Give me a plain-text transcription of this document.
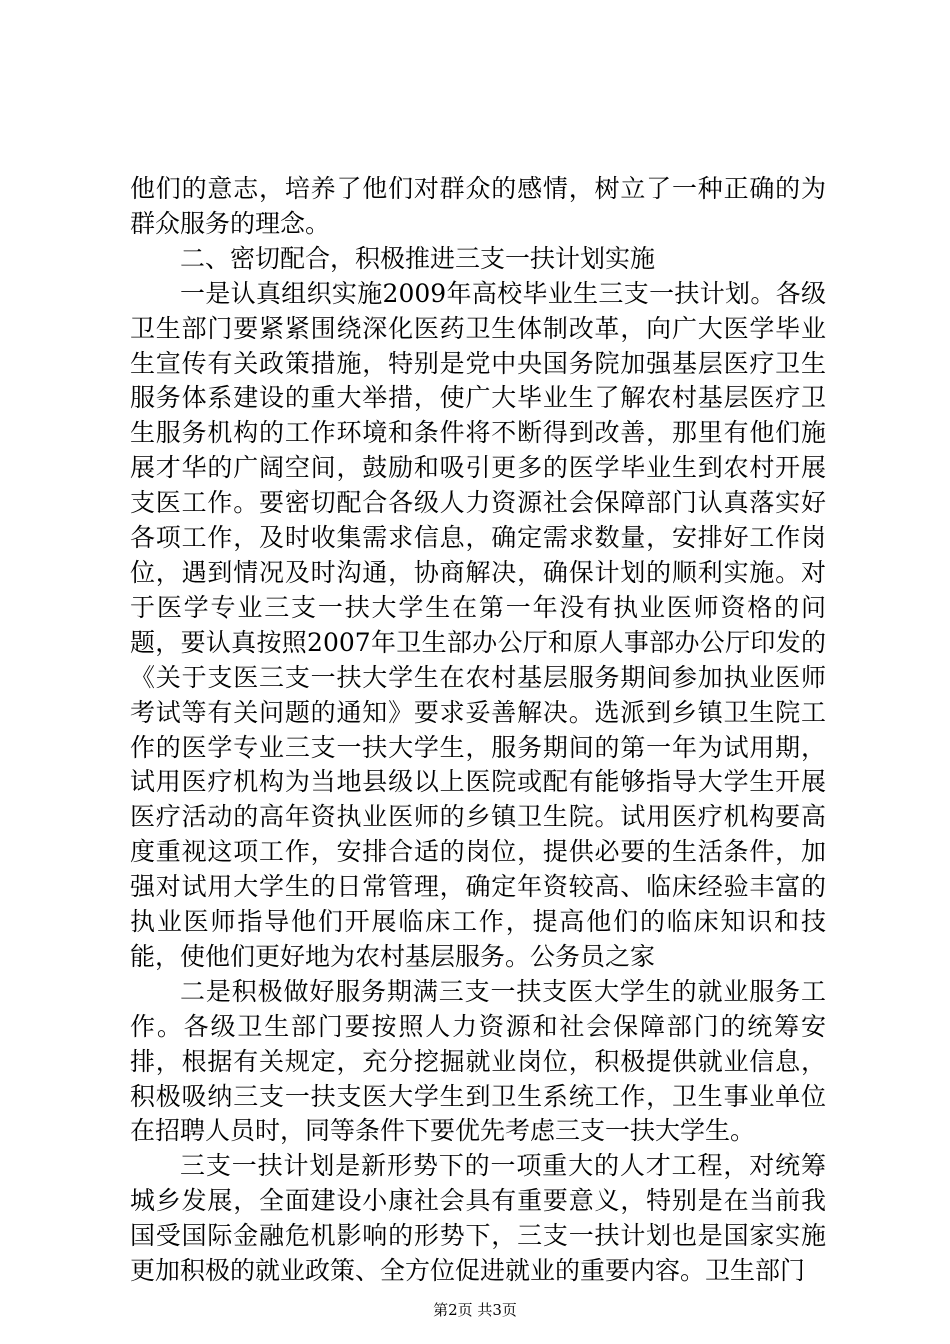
他们的意志，培养了他们对群众的感情，树立了一种正确的为群众服务的理念。

二、密切配合，积极推进三支一扶计划实施

一是认真组织实施2009年高校毕业生三支一扶计划。各级卫生部门要紧紧围绕深化医药卫生体制改革，向广大医学毕业生宣传有关政策措施，特别是党中央国务院加强基层医疗卫生服务体系建设的重大举措，使广大毕业生了解农村基层医疗卫生服务机构的工作环境和条件将不断得到改善，那里有他们施展才华的广阔空间，鼓励和吸引更多的医学毕业生到农村开展支医工作。要密切配合各级人力资源社会保障部门认真落实好各项工作，及时收集需求信息，确定需求数量，安排好工作岗位，遇到情况及时沟通，协商解决，确保计划的顺利实施。对于医学专业三支一扶大学生在第一年没有执业医师资格的问题，要认真按照2007年卫生部办公厅和原人事部办公厅印发的《关于支医三支一扶大学生在农村基层服务期间参加执业医师考试等有关问题的通知》要求妥善解决。选派到乡镇卫生院工作的医学专业三支一扶大学生，服务期间的第一年为试用期，试用医疗机构为当地县级以上医院或配有能够指导大学生开展医疗活动的高年资执业医师的乡镇卫生院。试用医疗机构要高度重视这项工作，安排合适的岗位，提供必要的生活条件，加强对试用大学生的日常管理，确定年资较高、临床经验丰富的执业医师指导他们开展临床工作，提高他们的临床知识和技能，使他们更好地为农村基层服务。公务员之家

二是积极做好服务期满三支一扶支医大学生的就业服务工作。各级卫生部门要按照人力资源和社会保障部门的统筹安排，根据有关规定，充分挖掘就业岗位，积极提供就业信息，积极吸纳三支一扶支医大学生到卫生系统工作，卫生事业单位在招聘人员时，同等条件下要优先考虑三支一扶大学生。

三支一扶计划是新形势下的一项重大的人才工程，对统筹城乡发展，全面建设小康社会具有重要意义，特别是在当前我国受国际金融危机影响的形势下，三支一扶计划也是国家实施更加积极的就业政策、全方位促进就业的重要内容。卫生部门

第2页 共3页
